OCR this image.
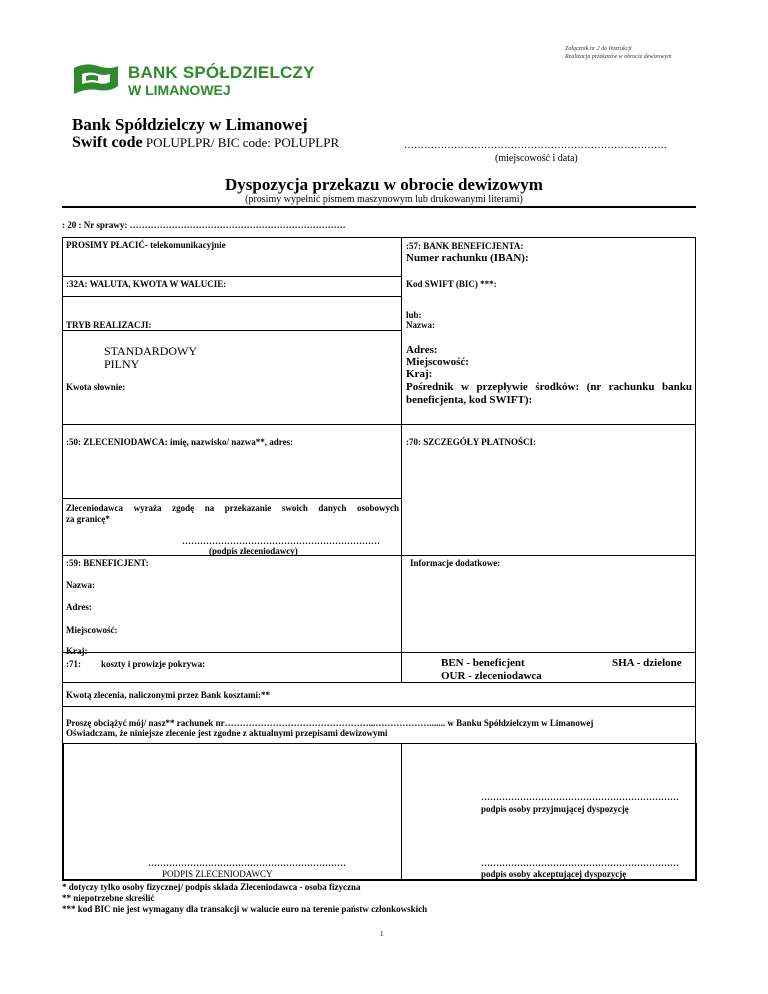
Załącznik nr 2 do Instrukcji
Realizacja przekazów w obrocie dewizowym
BANK SPÓŁDZIELCZY
W LIMANOWEJ
Bank Spółdzielczy w Limanowej
Swift code POLUPLPR/ BIC code: POLUPLPR	…………………………………………………………………….
(miejscowość i data)
Dyspozycja przekazu w obrocie dewizowym
(prosimy wypełnić pismem maszynowym lub drukowanymi literami)
: 20 : Nr sprawy: ………………………………………………………………
PROSIMY PŁACIĆ- telekomunikacyjnie
:32A: WALUTA, KWOTA W WALUCIE:
TRYB REALIZACJI:
STANDARDOWY
PILNY
Kwota słownie:
:50: ZLECENIODAWCA: imię, nazwisko/ nazwa**, adres:
Zleceniodawca wyraża zgodę na przekazanie swoich danych osobowych
za granicę*
…………………………………………………………
(podpis zleceniodawcy)
:59: BENEFICJENT:
Nazwa:
Adres:
Miejscowość:
Kraj:
:57: BANK BENEFICJENTA:
Numer rachunku (IBAN):
Kod SWIFT (BIC) ***:
lub:
Nazwa:
Adres:
Miejscowość:
Kraj:
Pośrednik w przepływie środków: (nr rachunku banku
beneficjenta, kod SWIFT):
:70: SZCZEGÓŁY PŁATNOŚCI:
Informacje dodatkowe:
:71: koszty i prowizje pokrywa:	BEN - beneficjent
OUR - zleceniodawca
SHA - dzielone
Kwotą zlecenia, naliczonymi przez Bank kosztami:**
Proszę obciążyć mój/ nasz** rachunek nr…………………………………………...………………....... w Banku Spółdzielczym w Limanowej
Oświadczam, że niniejsze zlecenie jest zgodne z aktualnymi przepisami dewizowymi
…………………………………………………………
podpis osoby przyjmującej dyspozycję
…………………………………………………………	…………………………………………………………
PODPIS ZLECENIODAWCY	podpis osoby akceptującej dyspozycję
* dotyczy tylko osoby fizycznej/ podpis składa Zleceniodawca - osoba fizyczna
** niepotrzebne skreślić
*** kod BIC nie jest wymagany dla transakcji w walucie euro na terenie państw członkowskich
1
